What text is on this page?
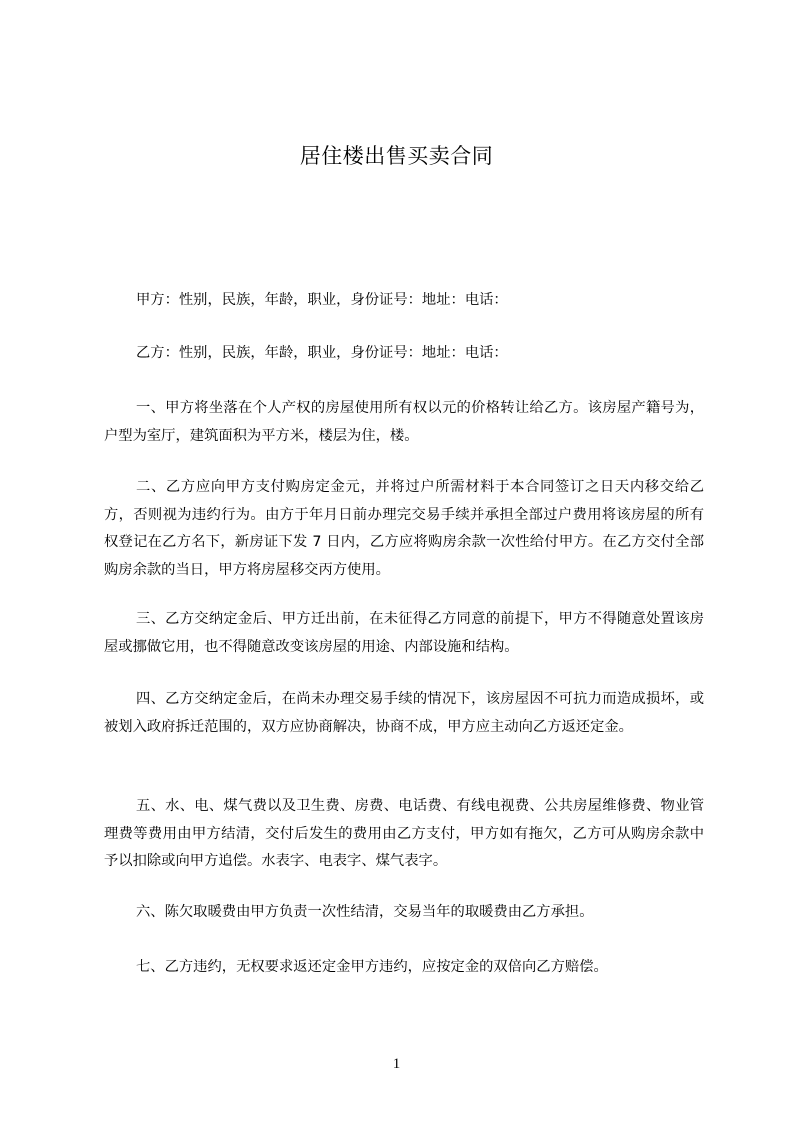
居住楼出售买卖合同
甲方：性别，民族，年龄，职业，身份证号：地址：电话：
乙方：性别，民族，年龄，职业，身份证号：地址：电话：
一、甲方将坐落在个人产权的房屋使用所有权以元的价格转让给乙方。该房屋产籍号为，户型为室厅，建筑面积为平方米，楼层为住，楼。
二、乙方应向甲方支付购房定金元，并将过户所需材料于本合同签订之日天内移交给乙方，否则视为违约行为。由方于年月日前办理完交易手续并承担全部过户费用将该房屋的所有权登记在乙方名下，新房证下发 7 日内，乙方应将购房余款一次性给付甲方。在乙方交付全部购房余款的当日，甲方将房屋移交丙方使用。
三、乙方交纳定金后、甲方迁出前，在未征得乙方同意的前提下，甲方不得随意处置该房屋或挪做它用，也不得随意改变该房屋的用途、内部设施和结构。
四、乙方交纳定金后，在尚未办理交易手续的情况下，该房屋因不可抗力而造成损坏，或被划入政府拆迁范围的，双方应协商解决，协商不成，甲方应主动向乙方返还定金。
五、水、电、煤气费以及卫生费、房费、电话费、有线电视费、公共房屋维修费、物业管理费等费用由甲方结清，交付后发生的费用由乙方支付，甲方如有拖欠，乙方可从购房余款中予以扣除或向甲方追偿。水表字、电表字、煤气表字。
六、陈欠取暖费由甲方负责一次性结清，交易当年的取暖费由乙方承担。
七、乙方违约，无权要求返还定金甲方违约，应按定金的双倍向乙方赔偿。
1
